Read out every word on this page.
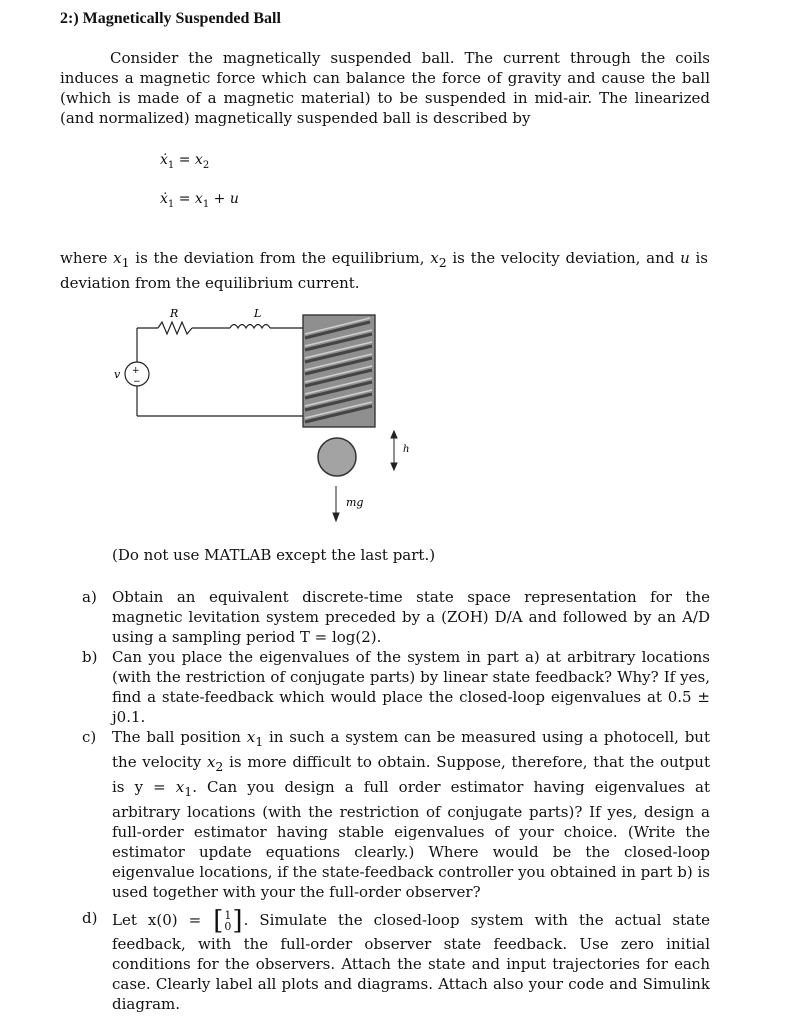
2:) Magnetically Suspended Ball
Consider the magnetically suspended ball. The current through the coils induces a magnetic force which can balance the force of gravity and cause the ball (which is made of a magnetic material) to be suspended in mid-air. The linearized (and normalized) magnetically suspended ball is described by
ẋ$_1$ = $x_2$
ẋ$_1$ = $x_1 + u$
where $x_1$ is the deviation from the equilibrium, $x_2$ is the velocity deviation, and u is deviation from the equilibrium current.
+
−
v
R	L
h
mg
(Do not use MATLAB except the last part.)
a) Obtain an equivalent discrete-time state space representation for the magnetic levitation system preceded by a (ZOH) D/A and followed by an A/D using a sampling period T = log(2).
b) Can you place the eigenvalues of the system in part a) at arbitrary locations (with the restriction of conjugate parts) by linear state feedback? Why? If yes, find a state-feedback which would place the closed-loop eigenvalues at 0.5 ± j0.1.
c) The ball position $x_1$ in such a system can be measured using a photocell, but the velocity $x_2$ is more difficult to obtain. Suppose, therefore, that the output is $y = x_1$. Can you design a full order estimator having eigenvalues at arbitrary locations (with the restriction of conjugate parts)? If yes, design a full-order estimator having stable eigenvalues of your choice. (Write the estimator update equations clearly.) Where would be the closed-loop eigenvalue locations, if the state-feedback controller you obtained in part b) is used together with your the full-order observer?
d) Let x(0) = [ 1
0 ] . Simulate the closed-loop system with the actual state feedback, with the full-order observer state feedback. Use zero initial conditions for the observers. Attach the state and input trajectories for each case. Clearly label all plots and diagrams. Attach also your code and Simulink diagram.
